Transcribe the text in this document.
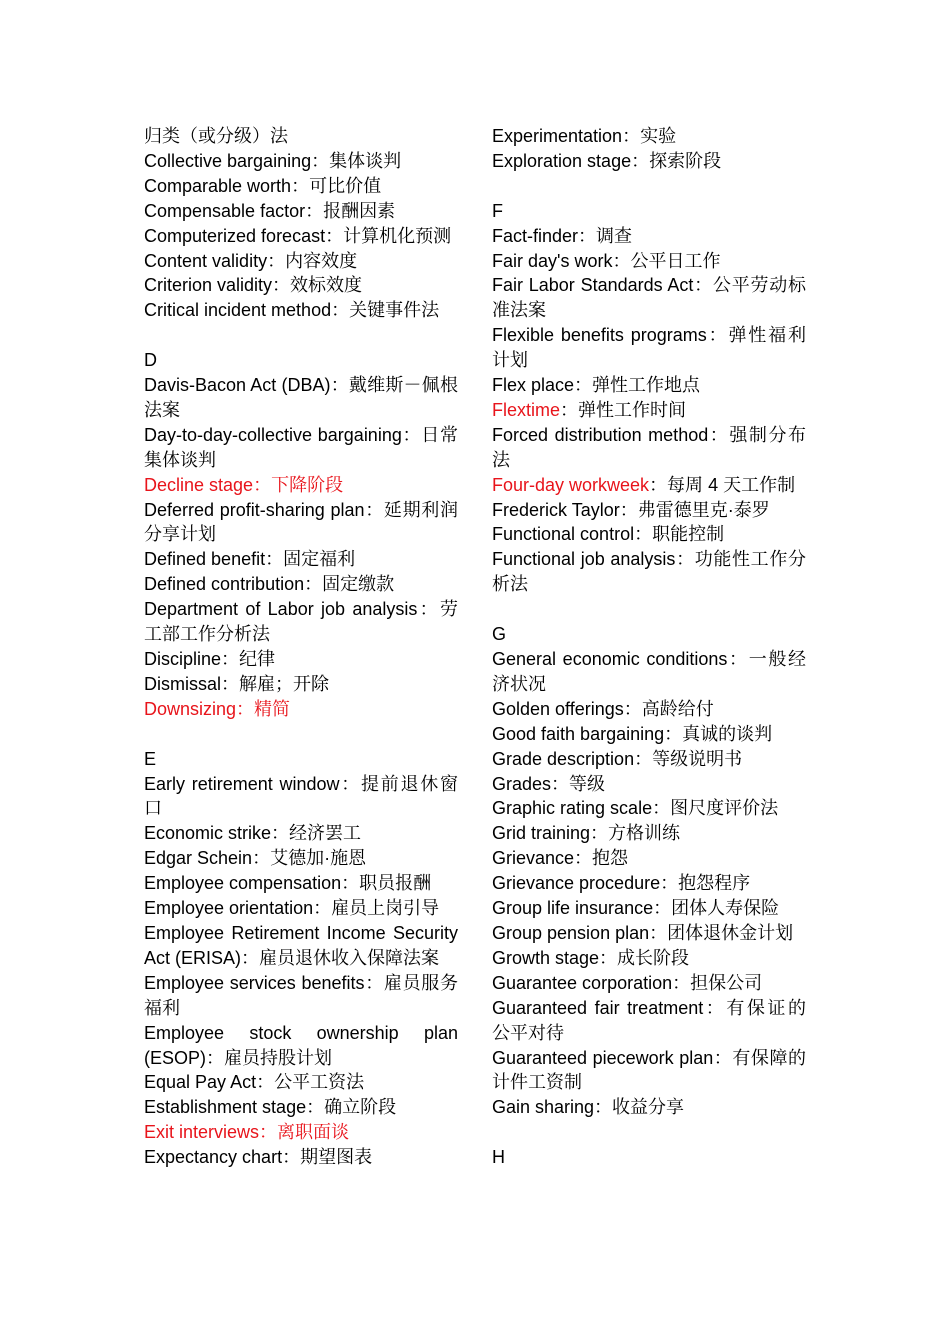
归类（或分级）法
Collective bargaining：集体谈判
Comparable worth：可比价值
Compensable factor：报酬因素
Computerized forecast：计算机化预测
Content validity：内容效度
Criterion validity：效标效度
Critical incident method：关键事件法
D
Davis-Bacon Act (DBA)：戴维斯－佩根法案
Day-to-day-collective bargaining：日常集体谈判
Decline stage：下降阶段
Deferred profit-sharing plan：延期利润分享计划
Defined benefit：固定福利
Defined contribution：固定缴款
Department of Labor job analysis：劳工部工作分析法
Discipline：纪律
Dismissal：解雇；开除
Downsizing：精简
E
Early retirement window：提前退休窗口
Economic strike：经济罢工
Edgar Schein：艾德加·施恩
Employee compensation：职员报酬
Employee orientation：雇员上岗引导
Employee Retirement Income Security Act (ERISA)：雇员退休收入保障法案
Employee services benefits：雇员服务福利
Employee stock ownership plan (ESOP)：雇员持股计划
Equal Pay Act：公平工资法
Establishment stage：确立阶段
Exit interviews：离职面谈
Expectancy chart：期望图表
Experimentation：实验
Exploration stage：探索阶段
F
Fact-finder：调查
Fair day's work：公平日工作
Fair Labor Standards Act：公平劳动标准法案
Flexible benefits programs：弹性福利计划
Flex place：弹性工作地点
Flextime：弹性工作时间
Forced distribution method：强制分布法
Four-day workweek：每周 4 天工作制
Frederick Taylor：弗雷德里克·泰罗
Functional control：职能控制
Functional job analysis：功能性工作分析法
G
General economic conditions：一般经济状况
Golden offerings：高龄给付
Good faith bargaining：真诚的谈判
Grade description：等级说明书
Grades：等级
Graphic rating scale：图尺度评价法
Grid training：方格训练
Grievance：抱怨
Grievance procedure：抱怨程序
Group life insurance：团体人寿保险
Group pension plan：团体退休金计划
Growth stage：成长阶段
Guarantee corporation：担保公司
Guaranteed fair treatment：有保证的公平对待
Guaranteed piecework plan：有保障的计件工资制
Gain sharing：收益分享
H
